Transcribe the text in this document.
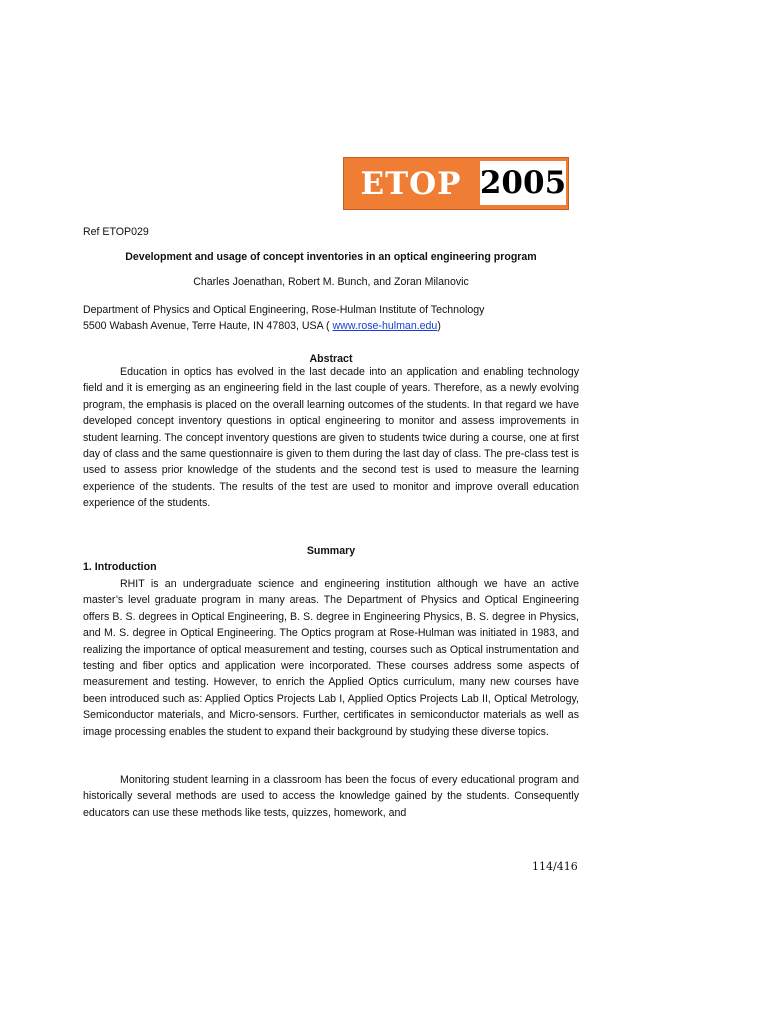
ETOP 2005
Ref ETOP029
Development and usage of concept inventories in an optical engineering program
Charles Joenathan, Robert M. Bunch, and Zoran Milanovic
Department of Physics and Optical Engineering, Rose-Hulman Institute of Technology
5500 Wabash Avenue, Terre Haute, IN 47803, USA ( www.rose-hulman.edu)
Abstract
Education in optics has evolved in the last decade into an application and enabling technology field and it is emerging as an engineering field in the last couple of years. Therefore, as a newly evolving program, the emphasis is placed on the overall learning outcomes of the students. In that regard we have developed concept inventory questions in optical engineering to monitor and assess improvements in student learning. The concept inventory questions are given to students twice during a course, one at first day of class and the same questionnaire is given to them during the last day of class. The pre-class test is used to assess prior knowledge of the students and the second test is used to measure the learning experience of the students. The results of the test are used to monitor and improve overall education experience of the students.
Summary
1. Introduction
RHIT is an undergraduate science and engineering institution although we have an active master’s level graduate program in many areas. The Department of Physics and Optical Engineering offers B. S. degrees in Optical Engineering, B. S. degree in Engineering Physics, B. S. degree in Physics, and M. S. degree in Optical Engineering. The Optics program at Rose-Hulman was initiated in 1983, and realizing the importance of optical measurement and testing, courses such as Optical instrumentation and testing and fiber optics and application were incorporated. These courses address some aspects of measurement and testing. However, to enrich the Applied Optics curriculum, many new courses have been introduced such as: Applied Optics Projects Lab I, Applied Optics Projects Lab II, Optical Metrology, Semiconductor materials, and Micro-sensors. Further, certificates in semiconductor materials as well as image processing enables the student to expand their background by studying these diverse topics.
Monitoring student learning in a classroom has been the focus of every educational program and historically several methods are used to access the knowledge gained by the students. Consequently educators can use these methods like tests, quizzes, homework, and
114/416
